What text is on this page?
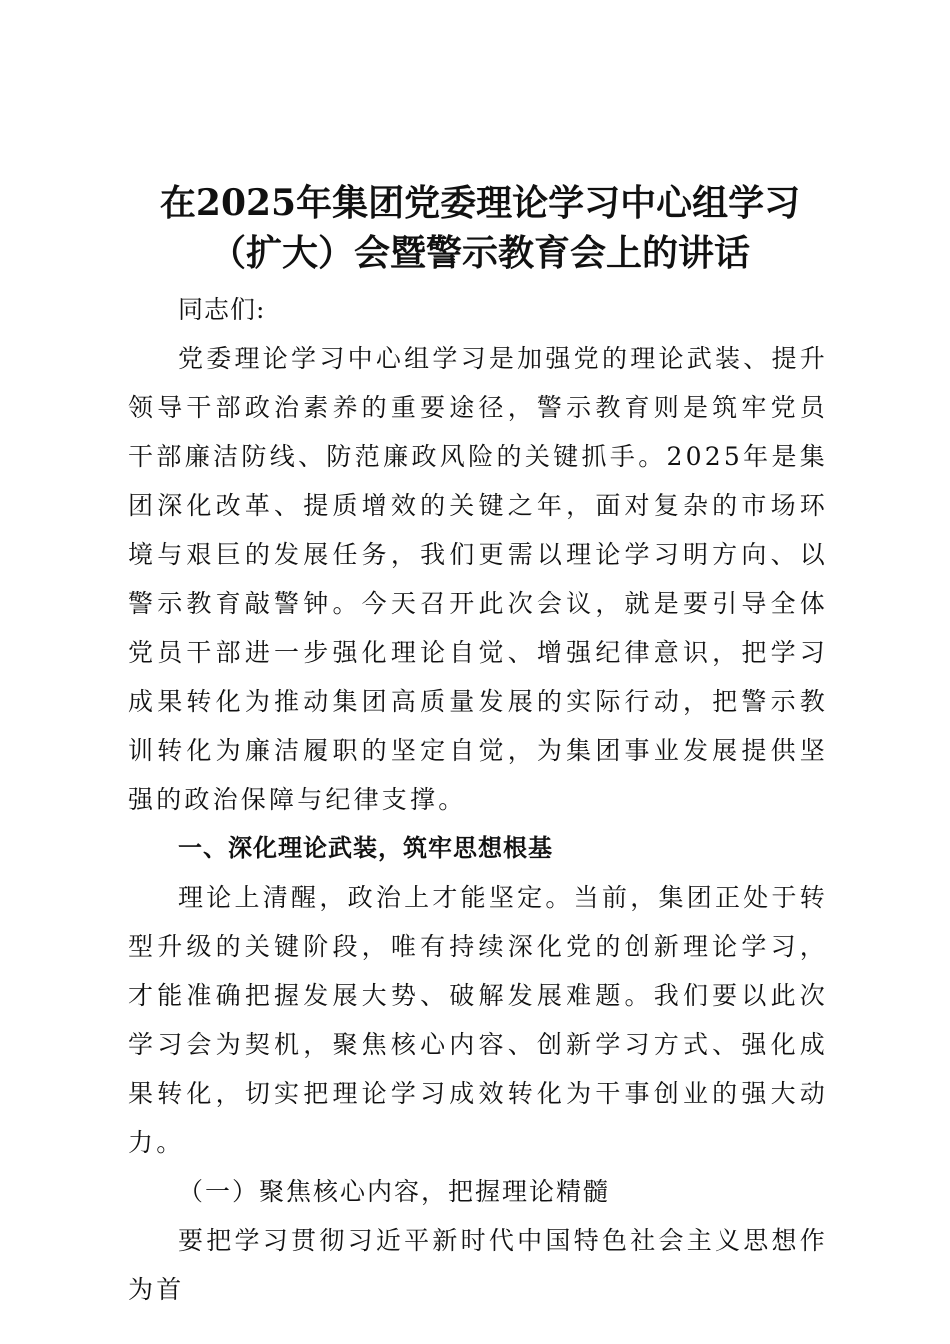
在2025年集团党委理论学习中心组学习（扩大）会暨警示教育会上的讲话

同志们:

党委理论学习中心组学习是加强党的理论武装、提升领导干部政治素养的重要途径，警示教育则是筑牢党员干部廉洁防线、防范廉政风险的关键抓手。2025年是集团深化改革、提质增效的关键之年，面对复杂的市场环境与艰巨的发展任务，我们更需以理论学习明方向、以警示教育敲警钟。今天召开此次会议，就是要引导全体党员干部进一步强化理论自觉、增强纪律意识，把学习成果转化为推动集团高质量发展的实际行动，把警示教训转化为廉洁履职的坚定自觉，为集团事业发展提供坚强的政治保障与纪律支撑。

一、深化理论武装，筑牢思想根基

理论上清醒，政治上才能坚定。当前，集团正处于转型升级的关键阶段，唯有持续深化党的创新理论学习，才能准确把握发展大势、破解发展难题。我们要以此次学习会为契机，聚焦核心内容、创新学习方式、强化成果转化，切实把理论学习成效转化为干事创业的强大动力。

（一）聚焦核心内容，把握理论精髓

要把学习贯彻习近平新时代中国特色社会主义思想作为首
